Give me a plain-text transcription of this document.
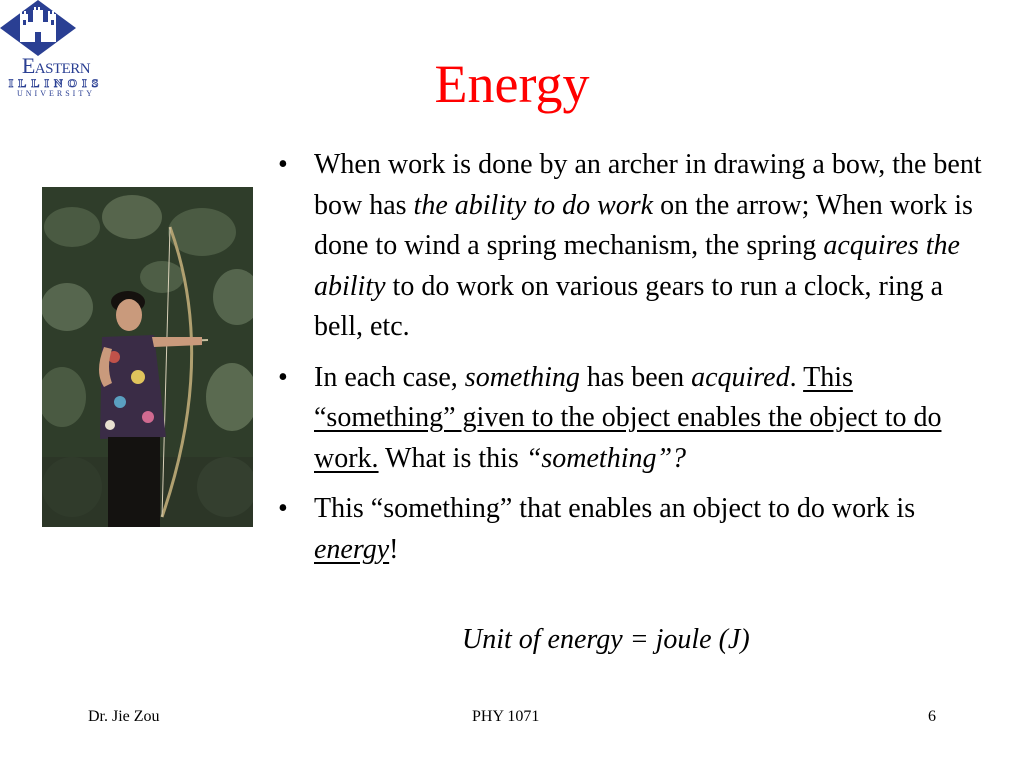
Eastern
ILLINOIS
UNIVERSITY	Energy
• When work is done by an archer in drawing a bow, the bent bow has the ability to do work on the arrow; When work is done to wind a spring mechanism, the spring acquires the ability to do work on various gears to run a clock, ring a bell, etc.
• In each case, something has been acquired. This “something” given to the object enables the object to do work. What is this “something”?
• This “something” that enables an object to do work is energy!
Unit of energy = joule (J)
Dr. Jie Zou	PHY 1071	6
